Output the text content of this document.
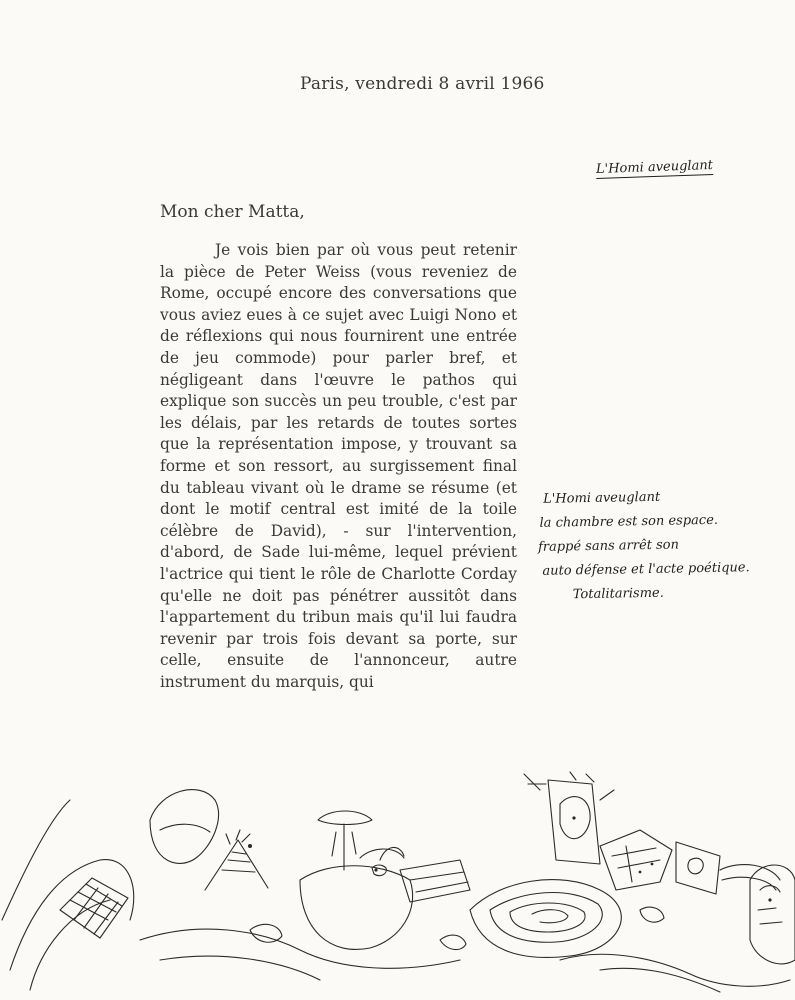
Paris, vendredi 8 avril 1966
L'Homi aveuglant
Mon cher Matta,

Je vois bien par où vous peut retenir la pièce de Peter Weiss (vous reveniez de Rome, occupé encore des conversations que vous aviez eues à ce sujet avec Luigi Nono et de réflexions qui nous fournirent une entrée de jeu commode) pour parler bref, et négligeant dans l'œuvre le pathos qui explique son succès un peu trouble, c'est par les délais, par les retards de toutes sortes que la représentation impose, y trouvant sa forme et son ressort, au surgissement final du tableau vivant où le drame se résume (et dont le motif central est imité de la toile célèbre de David), - sur l'intervention, d'abord, de Sade lui-même, lequel prévient l'actrice qui tient le rôle de Charlotte Corday qu'elle ne doit pas pénétrer aussitôt dans l'appartement du tribun mais qu'il lui faudra revenir par trois fois devant sa porte, sur celle, ensuite de l'annonceur, autre instrument du marquis, qui

L'Homi aveuglant
la chambre est son espace.
frappé sans arrêt son
auto défense et l'acte poétique.
Totalitarisme.
